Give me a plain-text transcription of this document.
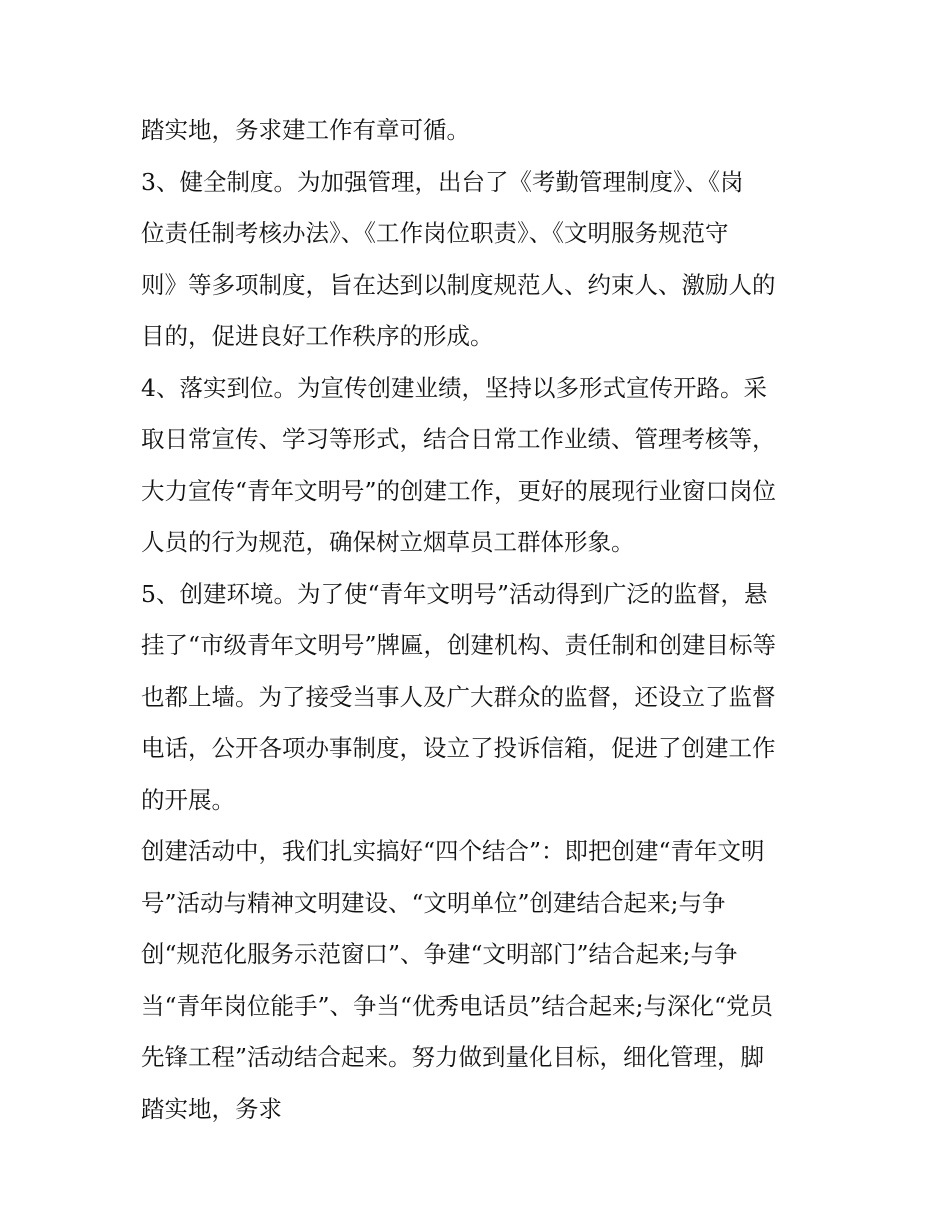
踏实地，务求建工作有章可循。
3、健全制度。为加强管理，出台了《考勤管理制度》、《岗
位责任制考核办法》、《工作岗位职责》、《文明服务规范守
则》等多项制度，旨在达到以制度规范人、约束人、激励人的
目的，促进良好工作秩序的形成。
4、落实到位。为宣传创建业绩，坚持以多形式宣传开路。采
取日常宣传、学习等形式，结合日常工作业绩、管理考核等，
大力宣传“青年文明号”的创建工作，更好的展现行业窗口岗位
人员的行为规范，确保树立烟草员工群体形象。
5、创建环境。为了使“青年文明号”活动得到广泛的监督，悬
挂了“市级青年文明号”牌匾，创建机构、责任制和创建目标等
也都上墙。为了接受当事人及广大群众的监督，还设立了监督
电话，公开各项办事制度，设立了投诉信箱，促进了创建工作
的开展。
创建活动中，我们扎实搞好“四个结合”：即把创建“青年文明
号”活动与精神文明建设、“文明单位”创建结合起来;与争
创“规范化服务示范窗口”、争建“文明部门”结合起来;与争
当“青年岗位能手”、争当“优秀电话员”结合起来;与深化“党员
先锋工程”活动结合起来。努力做到量化目标，细化管理，脚
踏实地，务求
